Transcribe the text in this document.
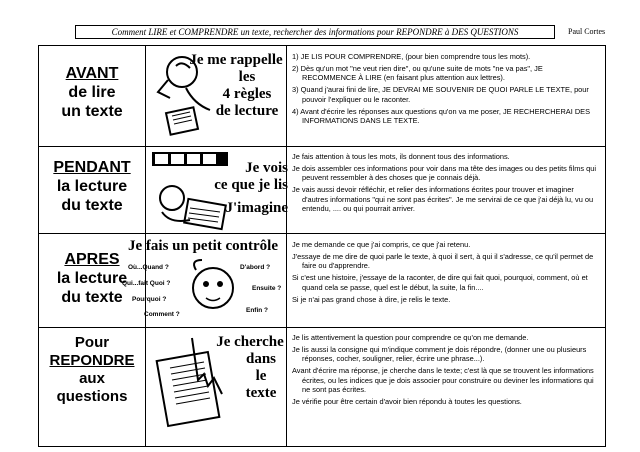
Comment LIRE et COMPRENDRE un texte, rechercher des informations pour REPONDRE à DES QUESTIONS	Paul Cortes
AVANT
de lire
un texte
Je me rappelle
les
4 règles
de lecture

1) JE LIS POUR COMPRENDRE, (pour bien comprendre tous les mots).

2) Dès qu'un mot "ne veut rien dire", ou qu'une suite de mots "ne va pas", JE RECOMMENCE À LIRE (en faisant plus attention aux lettres).

3) Quand j'aurai fini de lire, JE DEVRAI ME SOUVENIR DE QUOI PARLE LE TEXTE, pour pouvoir l'expliquer ou le raconter.

4) Avant d'écrire les réponses aux questions qu'on va me poser, JE RECHERCHERAI DES INFORMATIONS DANS LE TEXTE.

PENDANT
la lecture
du texte
Je vois
ce que je lis
J'imagine

Je fais attention à tous les mots, ils donnent tous des informations.

Je dois assembler ces informations pour voir dans ma tête des images ou des petits films qui peuvent ressembler à des choses que je connais déjà.

Je vais aussi devoir réfléchir, et relier des informations écrites pour trouver et imaginer d'autres informations "qui ne sont pas écrites". Je me servirai de ce que j'ai déjà lu, vu ou entendu, .... ou qui pourrait arriver.

APRES
la lecture
du texte
Je fais un petit contrôle
Où...Quand ?
Qui...fait Quoi ?
Pourquoi ?
Comment ?
D'abord ?
Ensuite ?
Enfin ?

Je me demande ce que j'ai compris, ce que j'ai retenu.

J'essaye de me dire de quoi parle le texte, à quoi il sert, à qui il s'adresse, ce qu'il permet de faire ou d'apprendre.

Si c'est une histoire, j'essaye de la raconter, de dire qui fait quoi, pourquoi, comment, où et quand cela se passe, quel est le début, la suite, la fin....

Si je n'ai pas grand chose à dire, je relis le texte.

Pour
REPONDRE
aux
questions
Je cherche
dans
le
texte

Je lis attentivement la question pour comprendre ce qu'on me demande.

Je lis aussi la consigne qui m'indique comment je dois répondre, (donner une ou plusieurs réponses, cocher, souligner, relier, écrire une phrase...).

Avant d'écrire ma réponse, je cherche dans le texte; c'est là que se trouvent les informations écrites, ou les indices que je dois associer pour construire ou deviner les informations qui ne sont pas écrites.

Je vérifie pour être certain d'avoir bien répondu à toutes les questions.
